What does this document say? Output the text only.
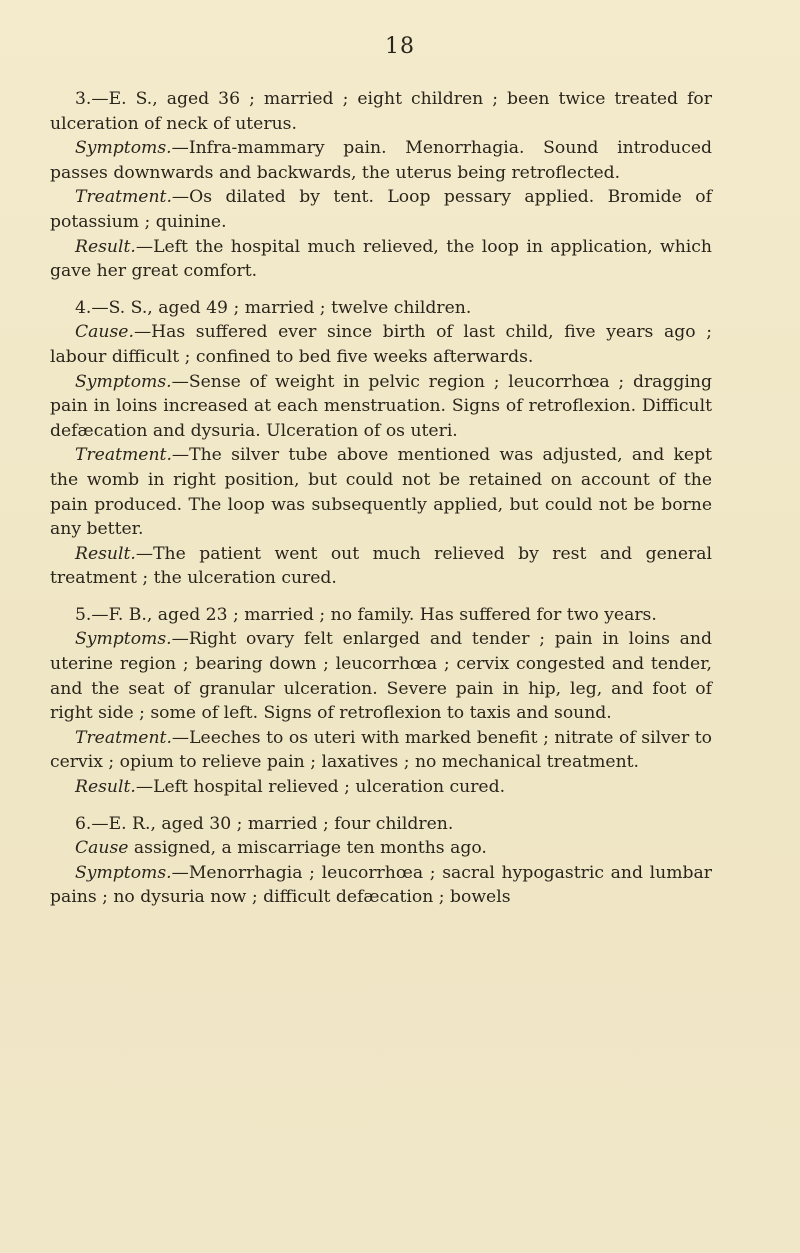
18

3.—E. S., aged 36 ; married ; eight children ; been twice treated for ulceration of neck of uterus.

Symptoms.—Infra-mammary pain. Menorrhagia. Sound introduced passes downwards and backwards, the uterus being retroflected.

Treatment.—Os dilated by tent. Loop pessary applied. Bromide of potassium ; quinine.

Result.—Left the hospital much relieved, the loop in application, which gave her great comfort.

4.—S. S., aged 49 ; married ; twelve children.

Cause.—Has suffered ever since birth of last child, five years ago ; labour difficult ; confined to bed five weeks afterwards.

Symptoms.—Sense of weight in pelvic region ; leucorrhœa ; dragging pain in loins increased at each menstruation. Signs of retroflexion. Difficult defæcation and dysuria. Ulceration of os uteri.

Treatment.—The silver tube above mentioned was adjusted, and kept the womb in right position, but could not be retained on account of the pain produced. The loop was subsequently applied, but could not be borne any better.

Result.—The patient went out much relieved by rest and general treatment ; the ulceration cured.

5.—F. B., aged 23 ; married ; no family. Has suffered for two years.

Symptoms.—Right ovary felt enlarged and tender ; pain in loins and uterine region ; bearing down ; leucorrhœa ; cervix congested and tender, and the seat of granular ulceration. Severe pain in hip, leg, and foot of right side ; some of left. Signs of retroflexion to taxis and sound.

Treatment.—Leeches to os uteri with marked benefit ; nitrate of silver to cervix ; opium to relieve pain ; laxatives ; no mechanical treatment.

Result.—Left hospital relieved ; ulceration cured.

6.—E. R., aged 30 ; married ; four children.

Cause assigned, a miscarriage ten months ago.

Symptoms.—Menorrhagia ; leucorrhœa ; sacral hypogastric and lumbar pains ; no dysuria now ; difficult defæcation ; bowels
